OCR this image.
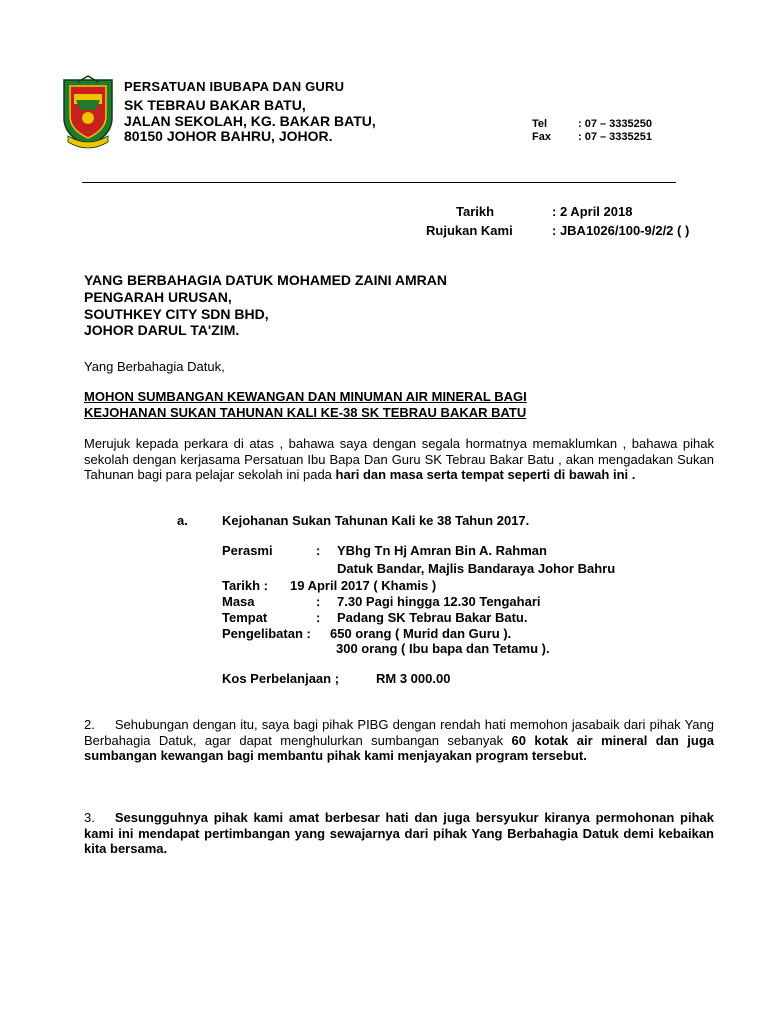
PERSATUAN IBUBAPA DAN GURU
SK TEBRAU BAKAR BATU,
JALAN SEKOLAH, KG. BAKAR BATU,
80150 JOHOR BAHRU, JOHOR.
Tel	: 07 – 3335250
Fax : 07 – 3335251
Tarikh	: 2 April 2018
Rujukan Kami	: JBA1026/100-9/2/2 ( )
YANG BERBAHAGIA DATUK MOHAMED ZAINI AMRAN
PENGARAH URUSAN,
SOUTHKEY CITY SDN BHD,
JOHOR DARUL TA'ZIM.
Yang Berbahagia Datuk,
MOHON SUMBANGAN KEWANGAN DAN MINUMAN AIR MINERAL BAGI
KEJOHANAN SUKAN TAHUNAN KALI KE-38 SK TEBRAU BAKAR BATU
Merujuk kepada perkara di atas , bahawa saya dengan segala hormatnya memaklumkan , bahawa pihak sekolah dengan kerjasama Persatuan Ibu Bapa Dan Guru SK Tebrau Bakar Batu , akan mengadakan Sukan Tahunan bagi para pelajar sekolah ini pada hari dan masa serta tempat seperti di bawah ini .
a.	Kejohanan Sukan Tahunan Kali ke 38 Tahun 2017.
Perasmi	: YBhg Tn Hj Amran Bin A. Rahman
Datuk Bandar, Majlis Bandaraya Johor Bahru
Tarikh : 19 April 2017 ( Khamis )
Masa	: 7.30 Pagi hingga 12.30 Tengahari
Tempat	: Padang SK Tebrau Bakar Batu.
Pengelibatan : 650 orang ( Murid dan Guru ).
300 orang ( Ibu bapa dan Tetamu ).
Kos Perbelanjaan ;	RM 3 000.00
2. Sehubungan dengan itu, saya bagi pihak PIBG dengan rendah hati memohon jasabaik dari pihak Yang Berbahagia Datuk, agar dapat menghulurkan sumbangan sebanyak 60 kotak air mineral dan juga sumbangan kewangan bagi membantu pihak kami menjayakan program tersebut.
3. Sesungguhnya pihak kami amat berbesar hati dan juga bersyukur kiranya permohonan pihak kami ini mendapat pertimbangan yang sewajarnya dari pihak Yang Berbahagia Datuk demi kebaikan kita bersama.
